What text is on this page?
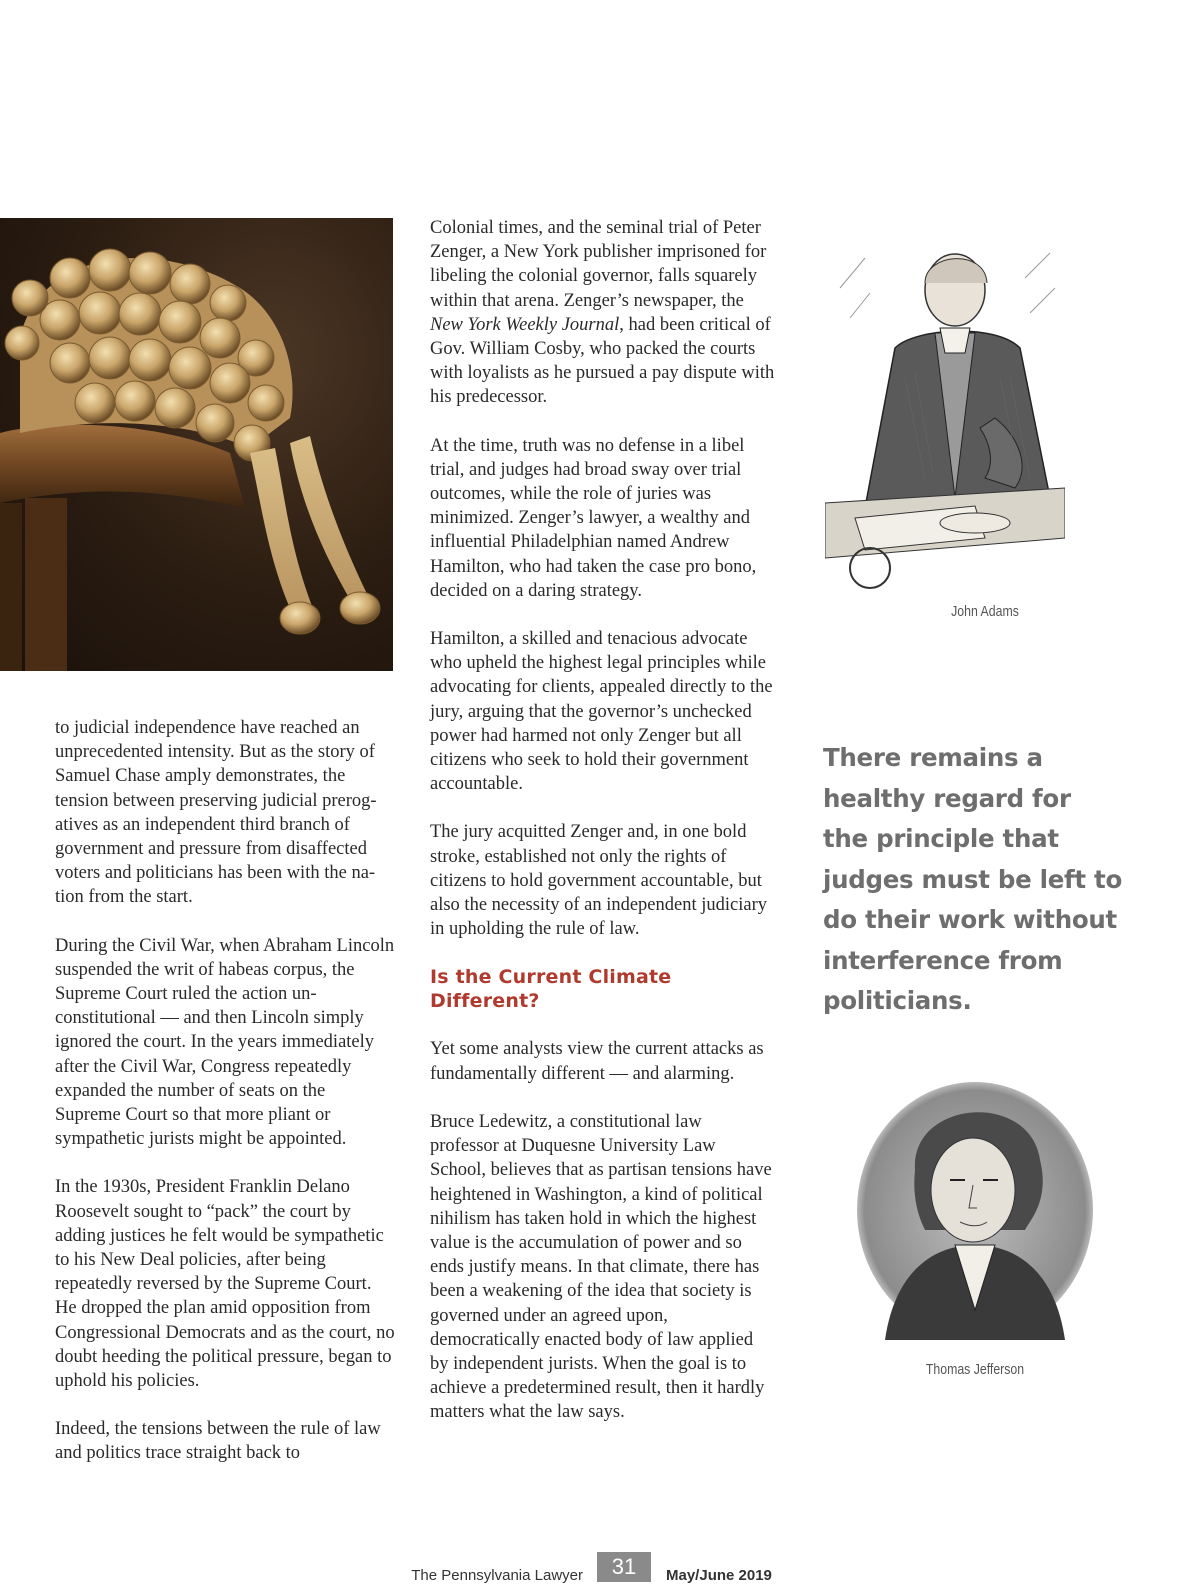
to judicial independence have reached an unprecedented intensity. But as the story of Samuel Chase amply demonstrates, the tension between preserving judicial prerogatives as an independent third branch of government and pressure from disaffected voters and politicians has been with the nation from the start.

During the Civil War, when Abraham Lincoln suspended the writ of habeas corpus, the Supreme Court ruled the action unconstitutional — and then Lincoln simply ignored the court. In the years immediately after the Civil War, Congress repeatedly expanded the number of seats on the Supreme Court so that more pliant or sympathetic jurists might be appointed.

In the 1930s, President Franklin Delano Roosevelt sought to “pack” the court by adding justices he felt would be sympathetic to his New Deal policies, after being repeatedly reversed by the Supreme Court. He dropped the plan amid opposition from Congressional Democrats and as the court, no doubt heeding the political pressure, began to uphold his policies.

Indeed, the tensions between the rule of law and politics trace straight back to

Colonial times, and the seminal trial of Peter Zenger, a New York publisher imprisoned for libeling the colonial governor, falls squarely within that arena. Zenger’s newspaper, the New York Weekly Journal, had been critical of Gov. William Cosby, who packed the courts with loyalists as he pursued a pay dispute with his predecessor.

At the time, truth was no defense in a libel trial, and judges had broad sway over trial outcomes, while the role of juries was minimized. Zenger’s lawyer, a wealthy and influential Philadelphian named Andrew Hamilton, who had taken the case pro bono, decided on a daring strategy.

Hamilton, a skilled and tenacious advocate who upheld the highest legal principles while advocating for clients, appealed directly to the jury, arguing that the governor’s unchecked power had harmed not only Zenger but all citizens who seek to hold their government accountable.

The jury acquitted Zenger and, in one bold stroke, established not only the rights of citizens to hold government accountable, but also the necessity of an independent judiciary in upholding the rule of law.

Is the Current Climate Different?

Yet some analysts view the current attacks as fundamentally different — and alarming.

Bruce Ledewitz, a constitutional law professor at Duquesne University Law School, believes that as partisan tensions have heightened in Washington, a kind of political nihilism has taken hold in which the highest value is the accumulation of power and so ends justify means. In that climate, there has been a weakening of the idea that society is governed under an agreed upon, democratically enacted body of law applied by independent jurists. When the goal is to achieve a predetermined result, then it hardly matters what the law says.

John Adams
There remains a healthy regard for the principle that judges must be left to do their work without interference from politicians.
Thomas Jefferson
The Pennsylvania Lawyer	31	May/June 2019
